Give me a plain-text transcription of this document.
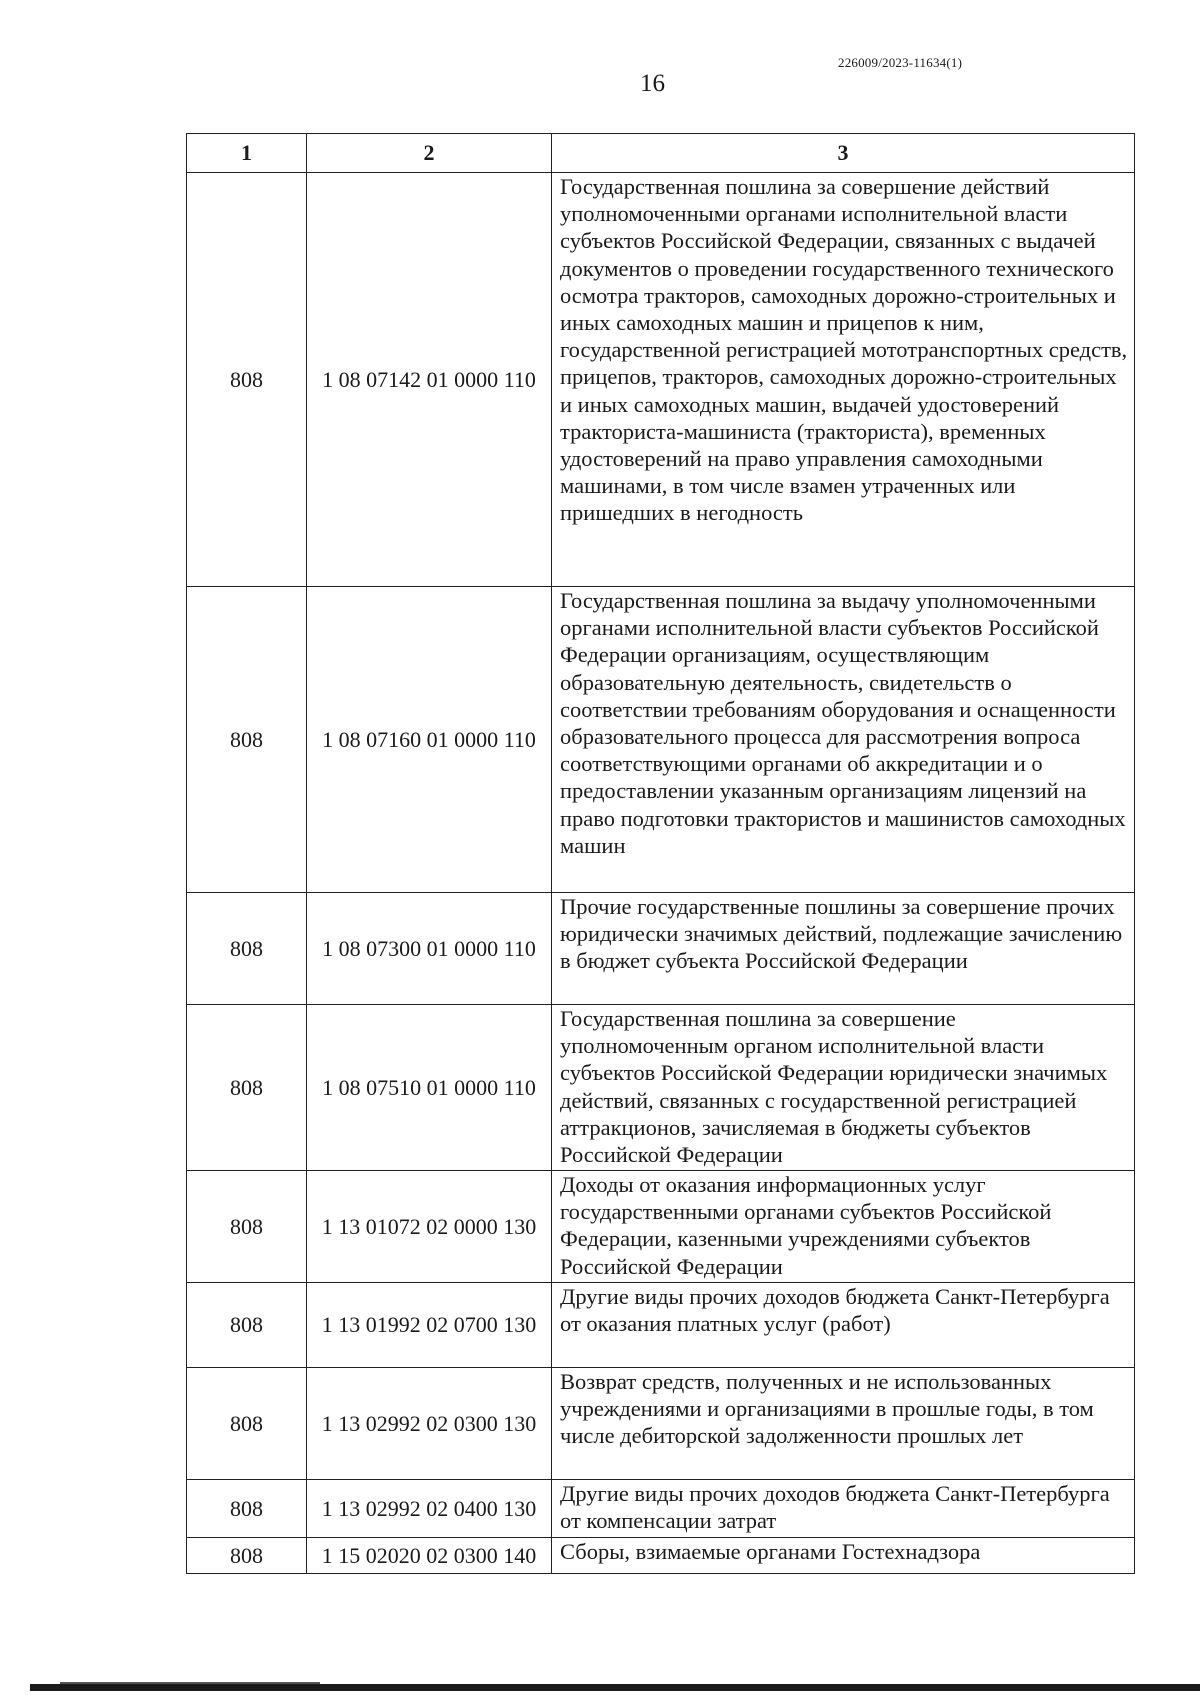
226009/2023-11634(1)
16
1	2	3
808	1 08 07142 01 0000 110	Государственная пошлина за совершение действий уполномоченными органами исполнительной власти субъектов Российской Федерации, связанных с выдачей документов о проведении государственного технического осмотра тракторов, самоходных дорожно-строительных и иных самоходных машин и прицепов к ним, государственной регистрацией мототранспортных средств, прицепов, тракторов, самоходных дорожно-строительных и иных самоходных машин, выдачей удостоверений тракториста-машиниста (тракториста), временных удостоверений на право управления самоходными машинами, в том числе взамен утраченных или пришедших в негодность
808	1 08 07160 01 0000 110	Государственная пошлина за выдачу уполномоченными органами исполнительной власти субъектов Российской Федерации организациям, осуществляющим образовательную деятельность, свидетельств о соответствии требованиям оборудования и оснащенности образовательного процесса для рассмотрения вопроса соответствующими органами об аккредитации и о предоставлении указанным организациям лицензий на право подготовки трактористов и машинистов самоходных машин
808	1 08 07300 01 0000 110	Прочие государственные пошлины за совершение прочих юридически значимых действий, подлежащие зачислению в бюджет субъекта Российской Федерации
808	1 08 07510 01 0000 110	Государственная пошлина за совершение уполномоченным органом исполнительной власти субъектов Российской Федерации юридически значимых действий, связанных с государственной регистрацией аттракционов, зачисляемая в бюджеты субъектов Российской Федерации
808	1 13 01072 02 0000 130	Доходы от оказания информационных услуг государственными органами субъектов Российской Федерации, казенными учреждениями субъектов Российской Федерации
808	1 13 01992 02 0700 130	Другие виды прочих доходов бюджета Санкт-Петербурга от оказания платных услуг (работ)
808	1 13 02992 02 0300 130	Возврат средств, полученных и не использованных учреждениями и организациями в прошлые годы, в том числе дебиторской задолженности прошлых лет
808	1 13 02992 02 0400 130	Другие виды прочих доходов бюджета Санкт-Петербурга от компенсации затрат
808	1 15 02020 02 0300 140	Сборы, взимаемые органами Гостехнадзора
